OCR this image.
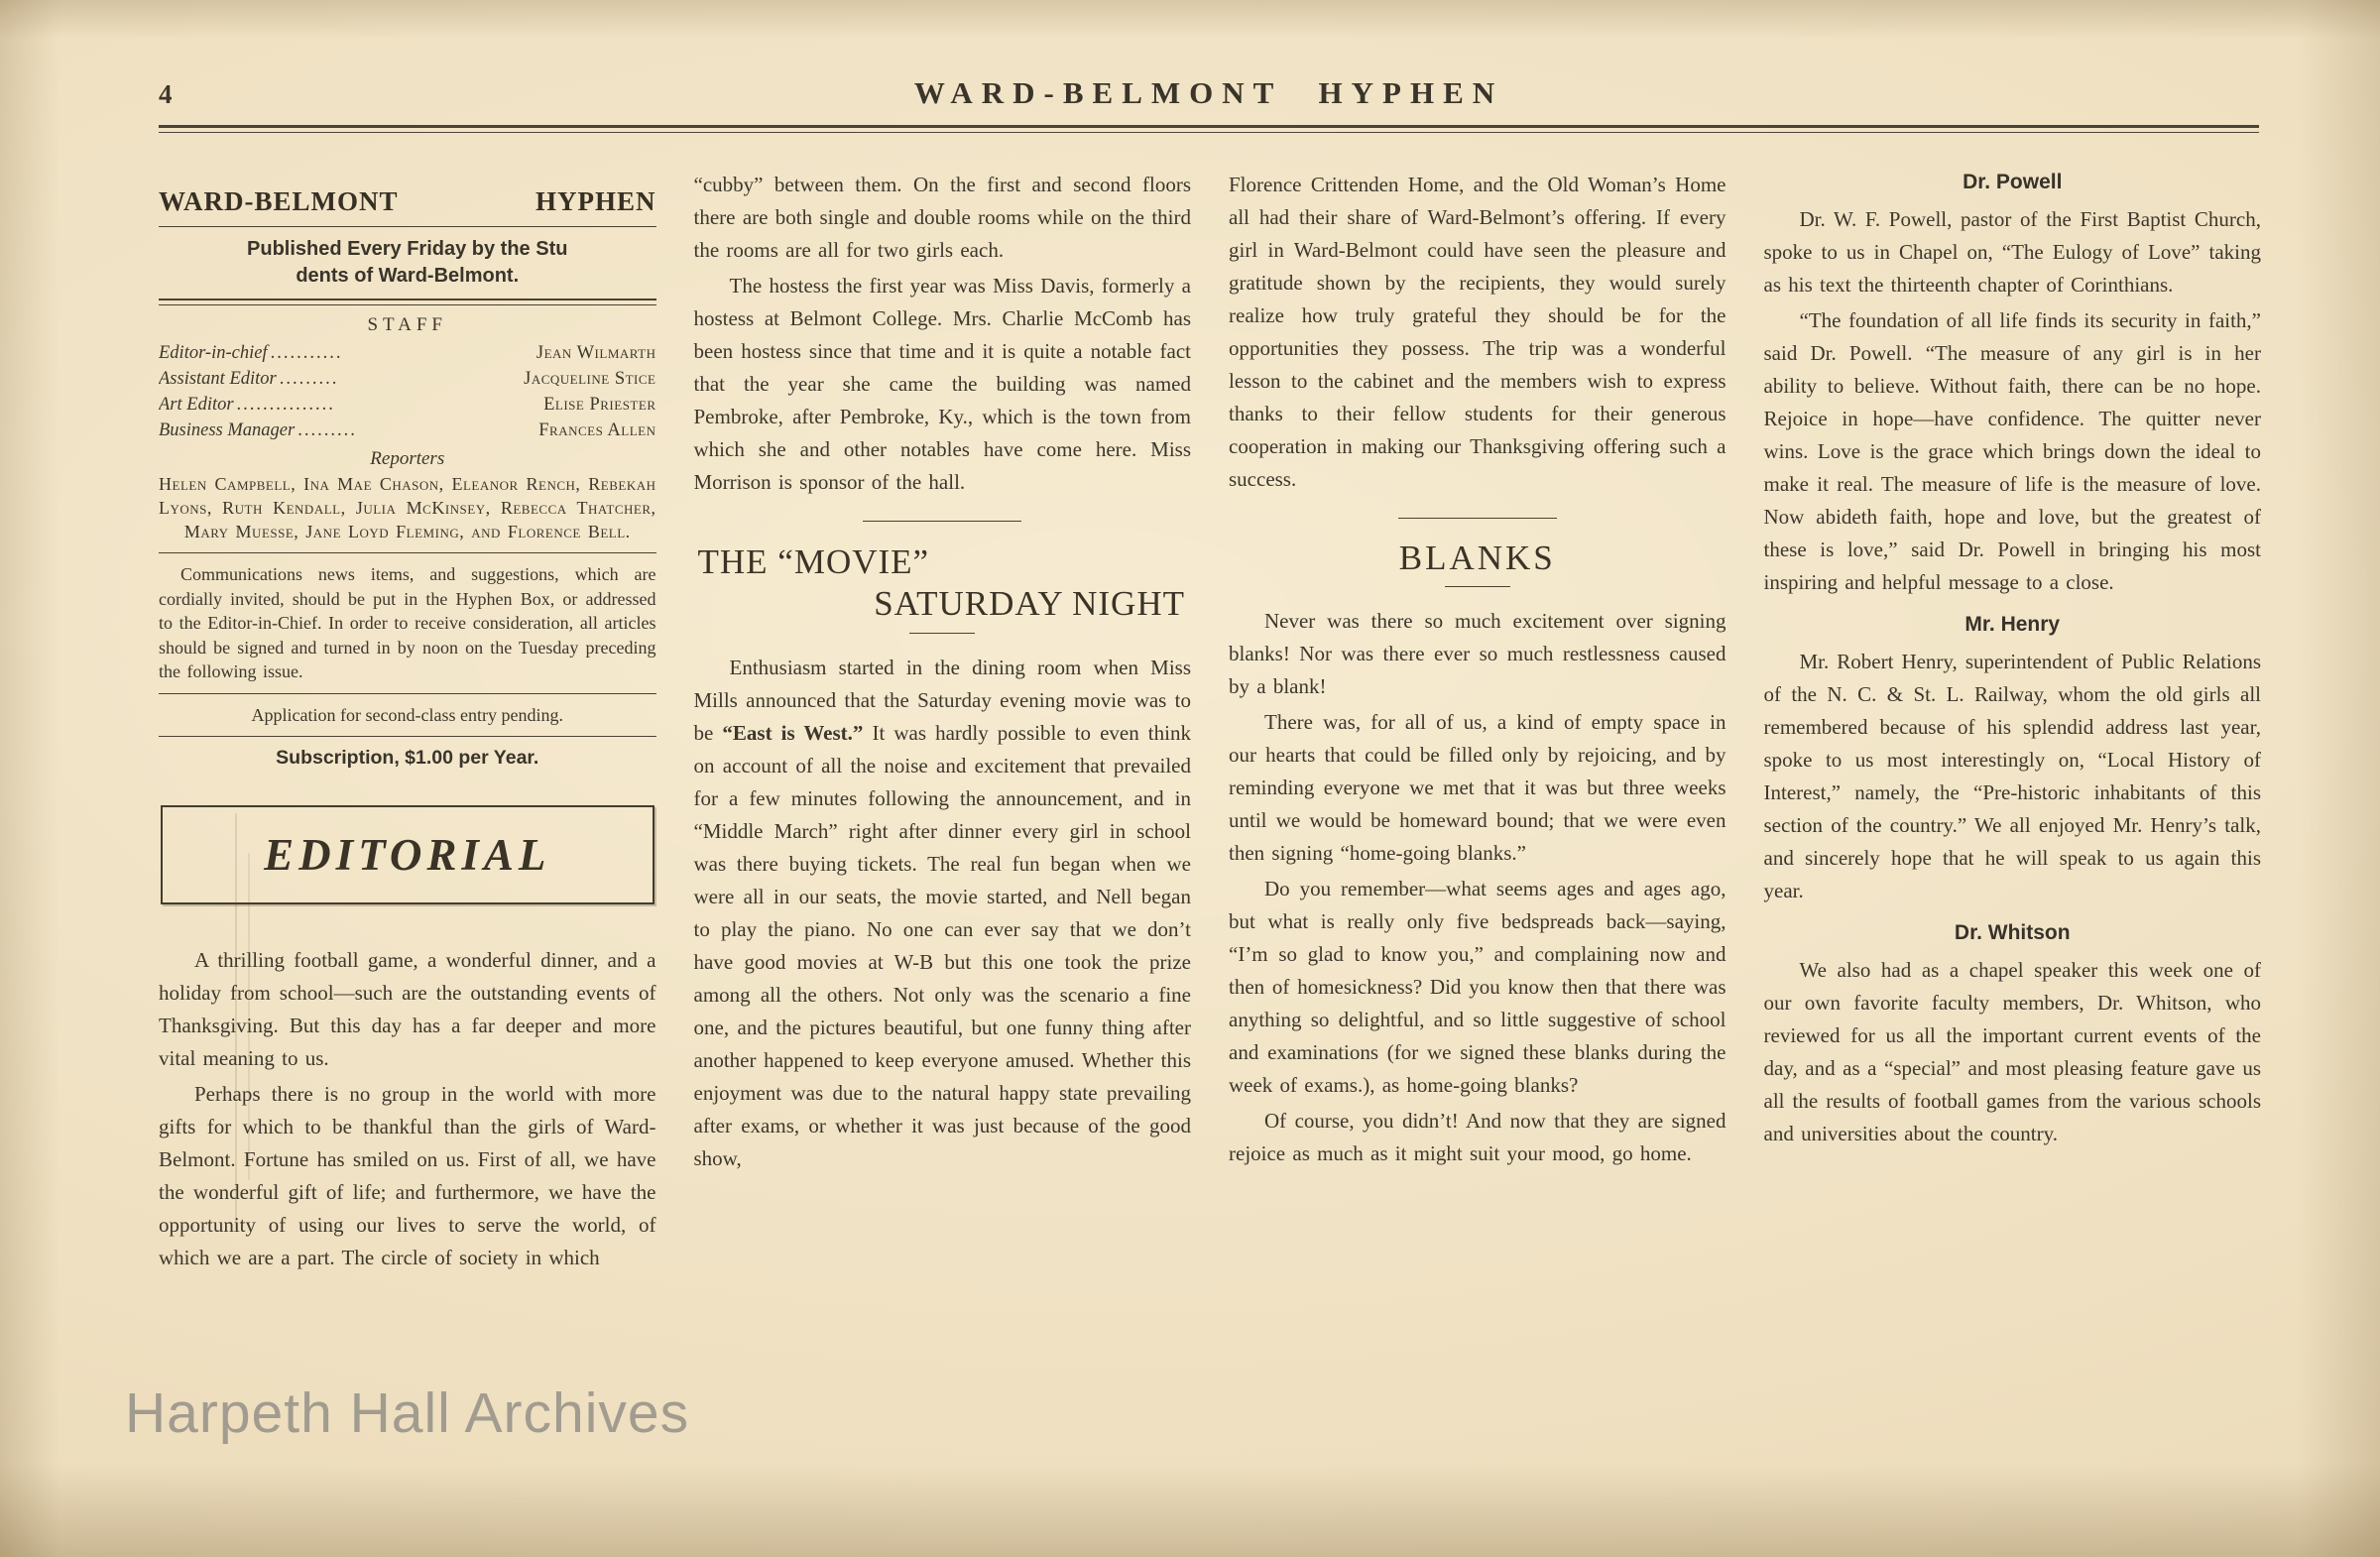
4	WARD-BELMONT HYPHEN
WARD-BELMONT HYPHEN
Published Every Friday by the Stu
dents of Ward-Belmont.
STAFF
Editor-in-chief ...........	Jean Wilmarth
Assistant Editor .........	Jacqueline Stice
Art Editor ...............	Elise Priester
Business Manager .........	Frances Allen
Reporters

Helen Campbell, Ina Mae Chason, Eleanor Rench, Rebekah Lyons, Ruth Kendall, Julia McKinsey, Rebecca Thatcher, Mary Muesse, Jane Loyd Fleming, and Florence Bell.

Communications news items, and suggestions, which are cordially invited, should be put in the Hyphen Box, or addressed to the Editor-in-Chief. In order to receive consideration, all articles should be signed and turned in by noon on the Tuesday preceding the following issue.

Application for second-class entry pending.
Subscription, $1.00 per Year.
EDITORIAL

A thrilling football game, a wonderful dinner, and a holiday from school—such are the outstanding events of Thanksgiving. But this day has a far deeper and more vital meaning to us.

Perhaps there is no group in the world with more gifts for which to be thankful than the girls of Ward-Belmont. Fortune has smiled on us. First of all, we have the wonderful gift of life; and furthermore, we have the opportunity of using our lives to serve the world, of which we are a part. The circle of society in which

“cubby” between them. On the first and second floors there are both single and double rooms while on the third the rooms are all for two girls each.

The hostess the first year was Miss Davis, formerly a hostess at Belmont College. Mrs. Charlie McComb has been hostess since that time and it is quite a notable fact that the year she came the building was named Pembroke, after Pembroke, Ky., which is the town from which she and other notables have come here. Miss Morrison is sponsor of the hall.

THE “MOVIE”
SATURDAY NIGHT

Enthusiasm started in the dining room when Miss Mills announced that the Saturday evening movie was to be “East is West.” It was hardly possible to even think on account of all the noise and excitement that prevailed for a few minutes following the announcement, and in “Middle March” right after dinner every girl in school was there buying tickets. The real fun began when we were all in our seats, the movie started, and Nell began to play the piano. No one can ever say that we don’t have good movies at W-B but this one took the prize among all the others. Not only was the scenario a fine one, and the pictures beautiful, but one funny thing after another happened to keep everyone amused. Whether this enjoyment was due to the natural happy state prevailing after exams, or whether it was just because of the good show,

Florence Crittenden Home, and the Old Woman’s Home all had their share of Ward-Belmont’s offering. If every girl in Ward-Belmont could have seen the pleasure and gratitude shown by the recipients, they would surely realize how truly grateful they should be for the opportunities they possess. The trip was a wonderful lesson to the cabinet and the members wish to express thanks to their fellow students for their generous cooperation in making our Thanksgiving offering such a success.

BLANKS

Never was there so much excitement over signing blanks! Nor was there ever so much restlessness caused by a blank!

There was, for all of us, a kind of empty space in our hearts that could be filled only by rejoicing, and by reminding everyone we met that it was but three weeks until we would be homeward bound; that we were even then signing “home-going blanks.”

Do you remember—what seems ages and ages ago, but what is really only five bedspreads back—saying, “I’m so glad to know you,” and complaining now and then of homesickness? Did you know then that there was anything so delightful, and so little suggestive of school and examinations (for we signed these blanks during the week of exams.), as home-going blanks?

Of course, you didn’t! And now that they are signed rejoice as much as it might suit your mood, go home.

Dr. Powell

Dr. W. F. Powell, pastor of the First Baptist Church, spoke to us in Chapel on, “The Eulogy of Love” taking as his text the thirteenth chapter of Corinthians.

“The foundation of all life finds its security in faith,” said Dr. Powell. “The measure of any girl is in her ability to believe. Without faith, there can be no hope. Rejoice in hope—have confidence. The quitter never wins. Love is the grace which brings down the ideal to make it real. The measure of life is the measure of love. Now abideth faith, hope and love, but the greatest of these is love,” said Dr. Powell in bringing his most inspiring and helpful message to a close.

Mr. Henry

Mr. Robert Henry, superintendent of Public Relations of the N. C. & St. L. Railway, whom the old girls all remembered because of his splendid address last year, spoke to us most interestingly on, “Local History of Interest,” namely, the “Pre-historic inhabitants of this section of the country.” We all enjoyed Mr. Henry’s talk, and sincerely hope that he will speak to us again this year.

Dr. Whitson

We also had as a chapel speaker this week one of our own favorite faculty members, Dr. Whitson, who reviewed for us all the important current events of the day, and as a “special” and most pleasing feature gave us all the results of football games from the various schools and universities about the country.

Harpeth Hall Archives
